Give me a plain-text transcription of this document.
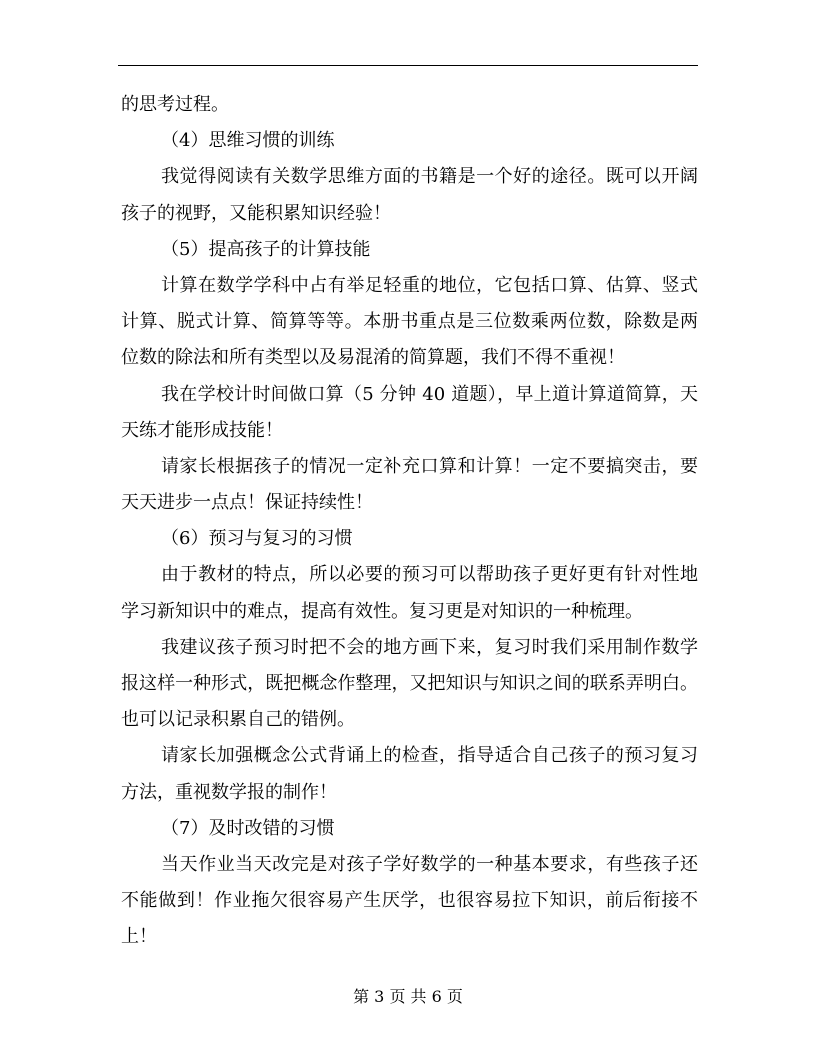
的思考过程。
（4）思维习惯的训练
我觉得阅读有关数学思维方面的书籍是一个好的途径。既可以开阔
孩子的视野，又能积累知识经验！
（5）提高孩子的计算技能
计算在数学学科中占有举足轻重的地位，它包括口算、估算、竖式
计算、脱式计算、简算等等。本册书重点是三位数乘两位数，除数是两
位数的除法和所有类型以及易混淆的简算题，我们不得不重视！
我在学校计时间做口算（5 分钟 40 道题），早上道计算道简算，天
天练才能形成技能！
请家长根据孩子的情况一定补充口算和计算！一定不要搞突击，要
天天进步一点点！保证持续性！
（6）预习与复习的习惯
由于教材的特点，所以必要的预习可以帮助孩子更好更有针对性地
学习新知识中的难点，提高有效性。复习更是对知识的一种梳理。
我建议孩子预习时把不会的地方画下来，复习时我们采用制作数学
报这样一种形式，既把概念作整理，又把知识与知识之间的联系弄明白。
也可以记录积累自己的错例。
请家长加强概念公式背诵上的检查，指导适合自己孩子的预习复习
方法，重视数学报的制作！
（7）及时改错的习惯
当天作业当天改完是对孩子学好数学的一种基本要求，有些孩子还
不能做到！作业拖欠很容易产生厌学，也很容易拉下知识，前后衔接不
上！
第 3 页 共 6 页
